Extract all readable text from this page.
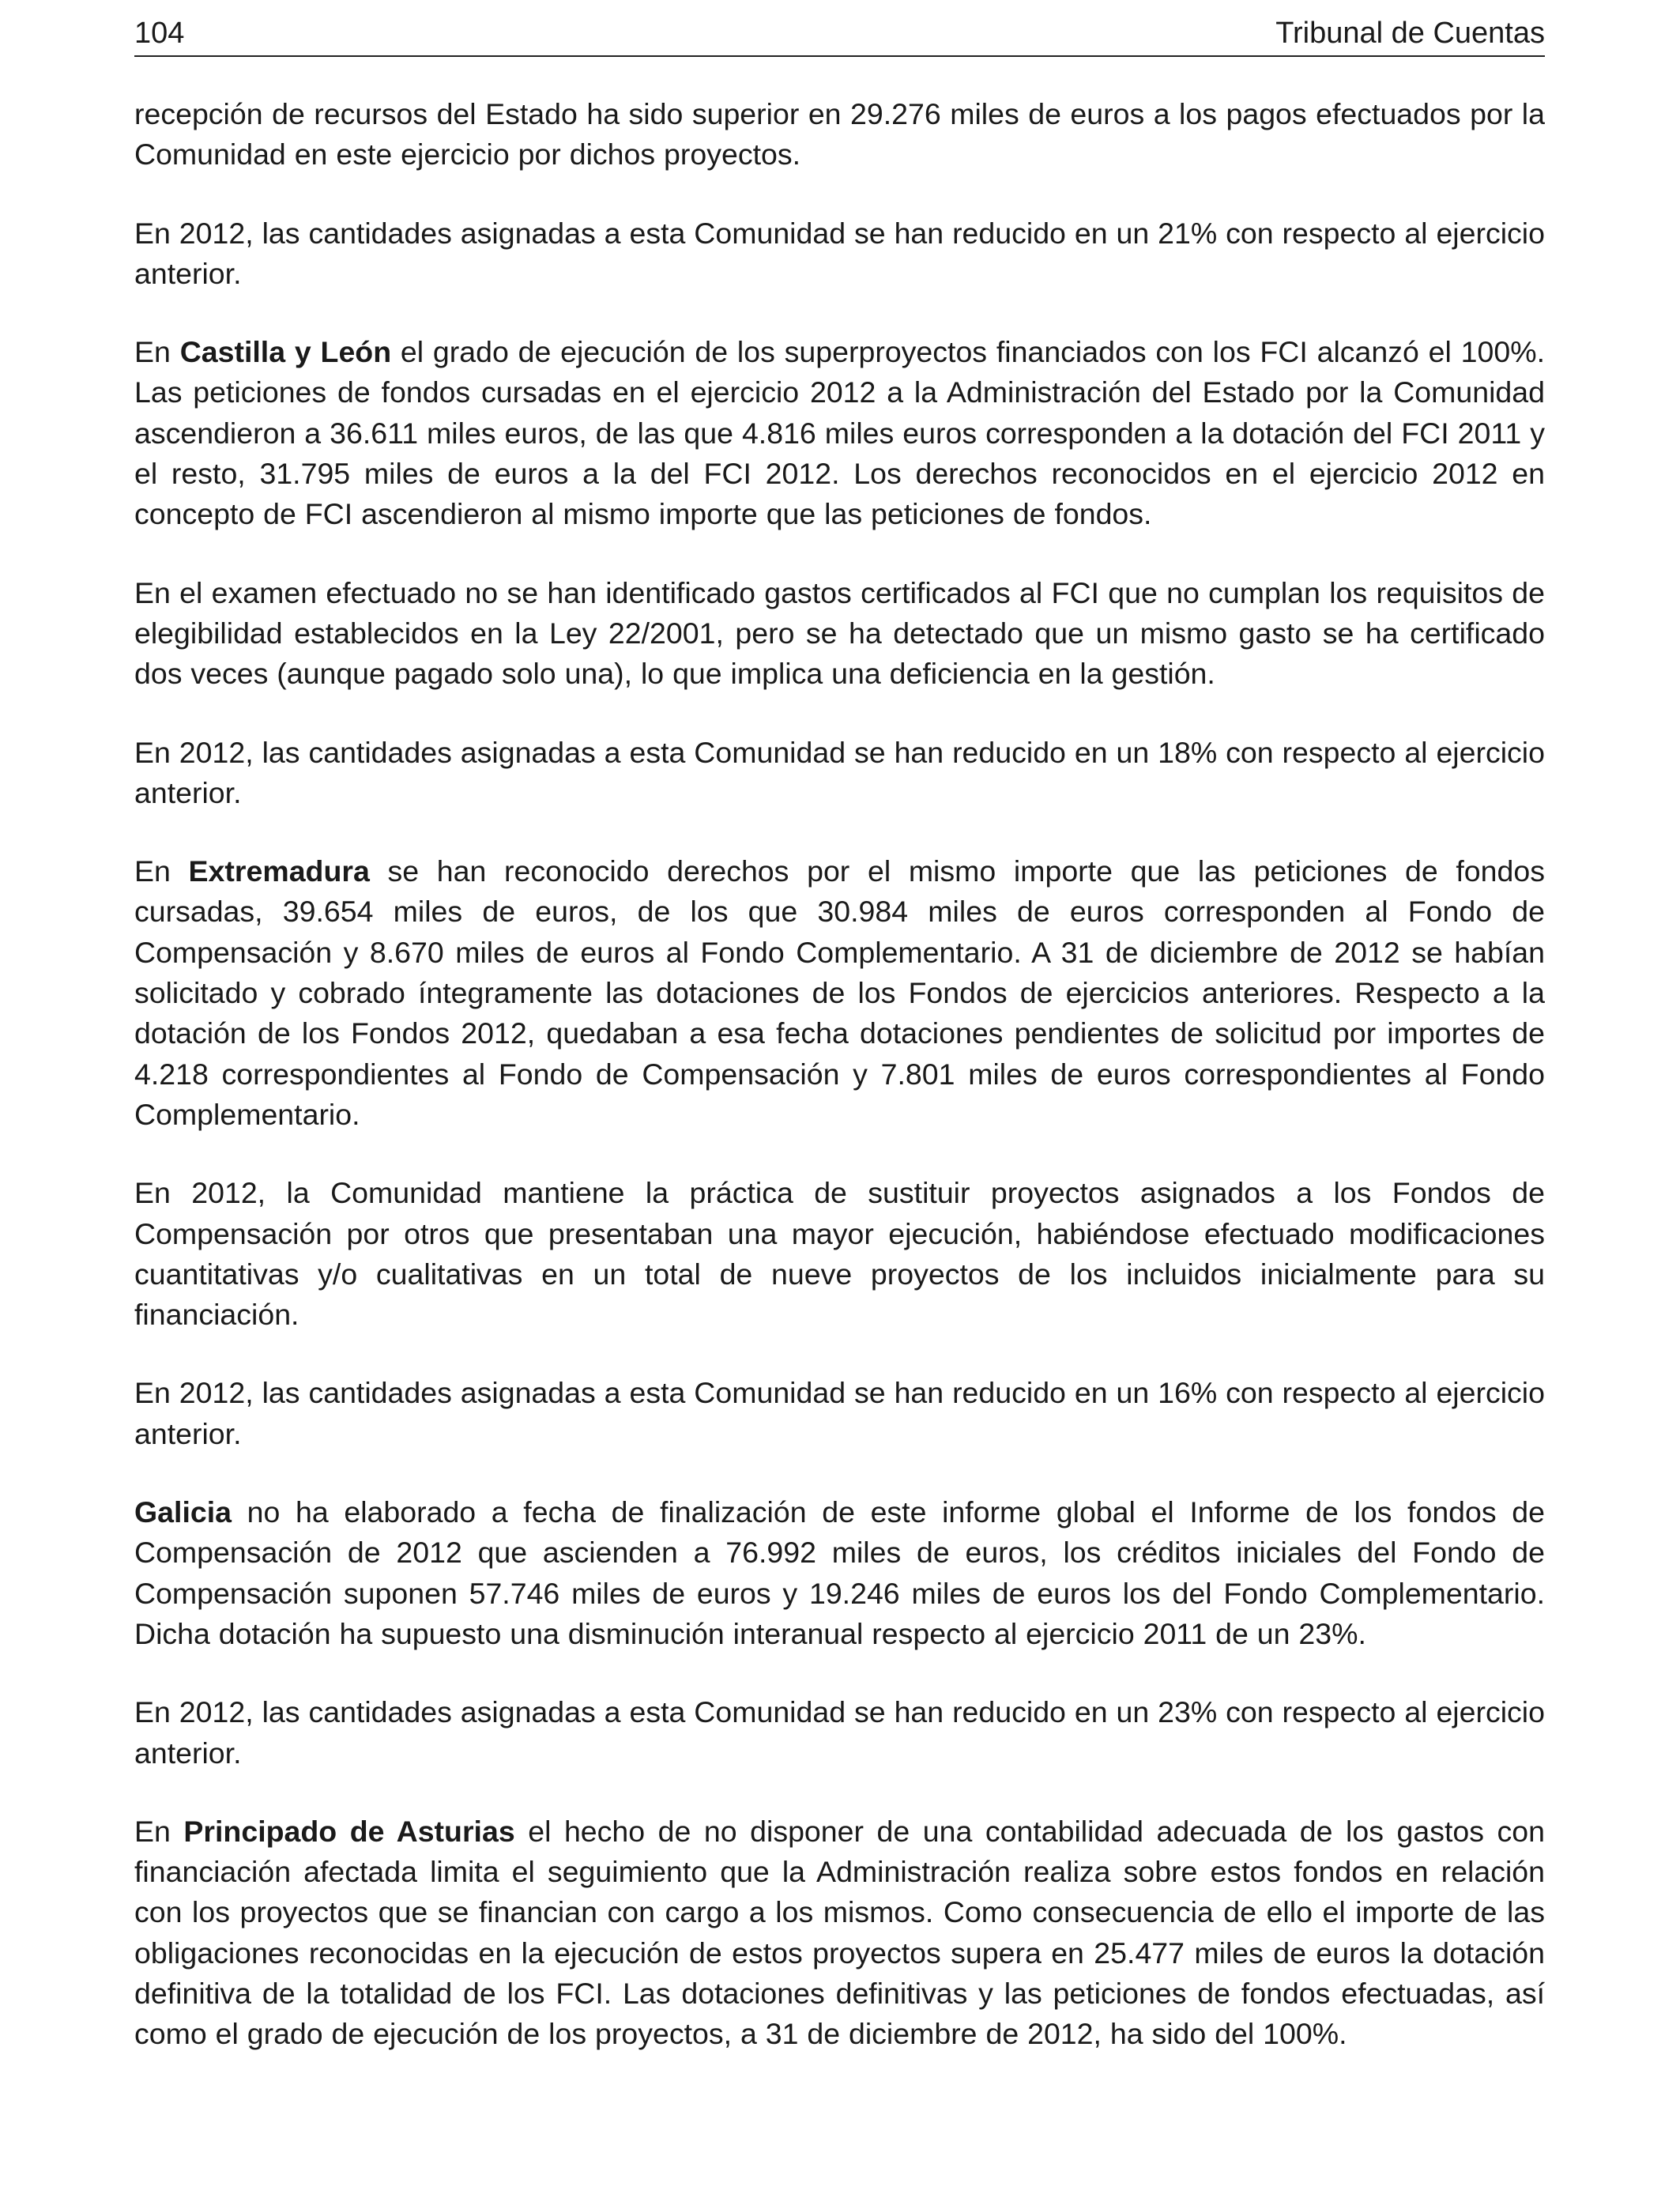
104	Tribunal de Cuentas

recepción de recursos del Estado ha sido superior en 29.276 miles de euros a los pagos efectuados por la Comunidad en este ejercicio por dichos proyectos.

En 2012, las cantidades asignadas a esta Comunidad se han reducido en un 21% con respecto al ejercicio anterior.

En Castilla y León el grado de ejecución de los superproyectos financiados con los FCI alcanzó el 100%. Las peticiones de fondos cursadas en el ejercicio 2012 a la Administración del Estado por la Comunidad ascendieron a 36.611 miles euros, de las que 4.816 miles euros corresponden a la dotación del FCI 2011 y el resto, 31.795 miles de euros a la del FCI 2012. Los derechos reconocidos en el ejercicio 2012 en concepto de FCI ascendieron al mismo importe que las peticiones de fondos.

En el examen efectuado no se han identificado gastos certificados al FCI que no cumplan los requisitos de elegibilidad establecidos en la Ley 22/2001, pero se ha detectado que un mismo gasto se ha certificado dos veces (aunque pagado solo una), lo que implica una deficiencia en la gestión.

En 2012, las cantidades asignadas a esta Comunidad se han reducido en un 18% con respecto al ejercicio anterior.

En Extremadura se han reconocido derechos por el mismo importe que las peticiones de fondos cursadas, 39.654 miles de euros, de los que 30.984 miles de euros corresponden al Fondo de Compensación y 8.670 miles de euros al Fondo Complementario. A 31 de diciembre de 2012 se habían solicitado y cobrado íntegramente las dotaciones de los Fondos de ejercicios anteriores. Respecto a la dotación de los Fondos 2012, quedaban a esa fecha dotaciones pendientes de solicitud por importes de 4.218 correspondientes al Fondo de Compensación y 7.801 miles de euros correspondientes al Fondo Complementario.

En 2012, la Comunidad mantiene la práctica de sustituir proyectos asignados a los Fondos de Compensación por otros que presentaban una mayor ejecución, habiéndose efectuado modificaciones cuantitativas y/o cualitativas en un total de nueve proyectos de los incluidos inicialmente para su financiación.

En 2012, las cantidades asignadas a esta Comunidad se han reducido en un 16% con respecto al ejercicio anterior.

Galicia no ha elaborado a fecha de finalización de este informe global el Informe de los fondos de Compensación de 2012 que ascienden a 76.992 miles de euros, los créditos iniciales del Fondo de Compensación suponen 57.746 miles de euros y 19.246 miles de euros los del Fondo Complementario. Dicha dotación ha supuesto una disminución interanual respecto al ejercicio 2011 de un 23%.

En 2012, las cantidades asignadas a esta Comunidad se han reducido en un 23% con respecto al ejercicio anterior.

En Principado de Asturias el hecho de no disponer de una contabilidad adecuada de los gastos con financiación afectada limita el seguimiento que la Administración realiza sobre estos fondos en relación con los proyectos que se financian con cargo a los mismos. Como consecuencia de ello el importe de las obligaciones reconocidas en la ejecución de estos proyectos supera en 25.477 miles de euros la dotación definitiva de la totalidad de los FCI. Las dotaciones definitivas y las peticiones de fondos efectuadas, así como el grado de ejecución de los proyectos, a 31 de diciembre de 2012, ha sido del 100%.
